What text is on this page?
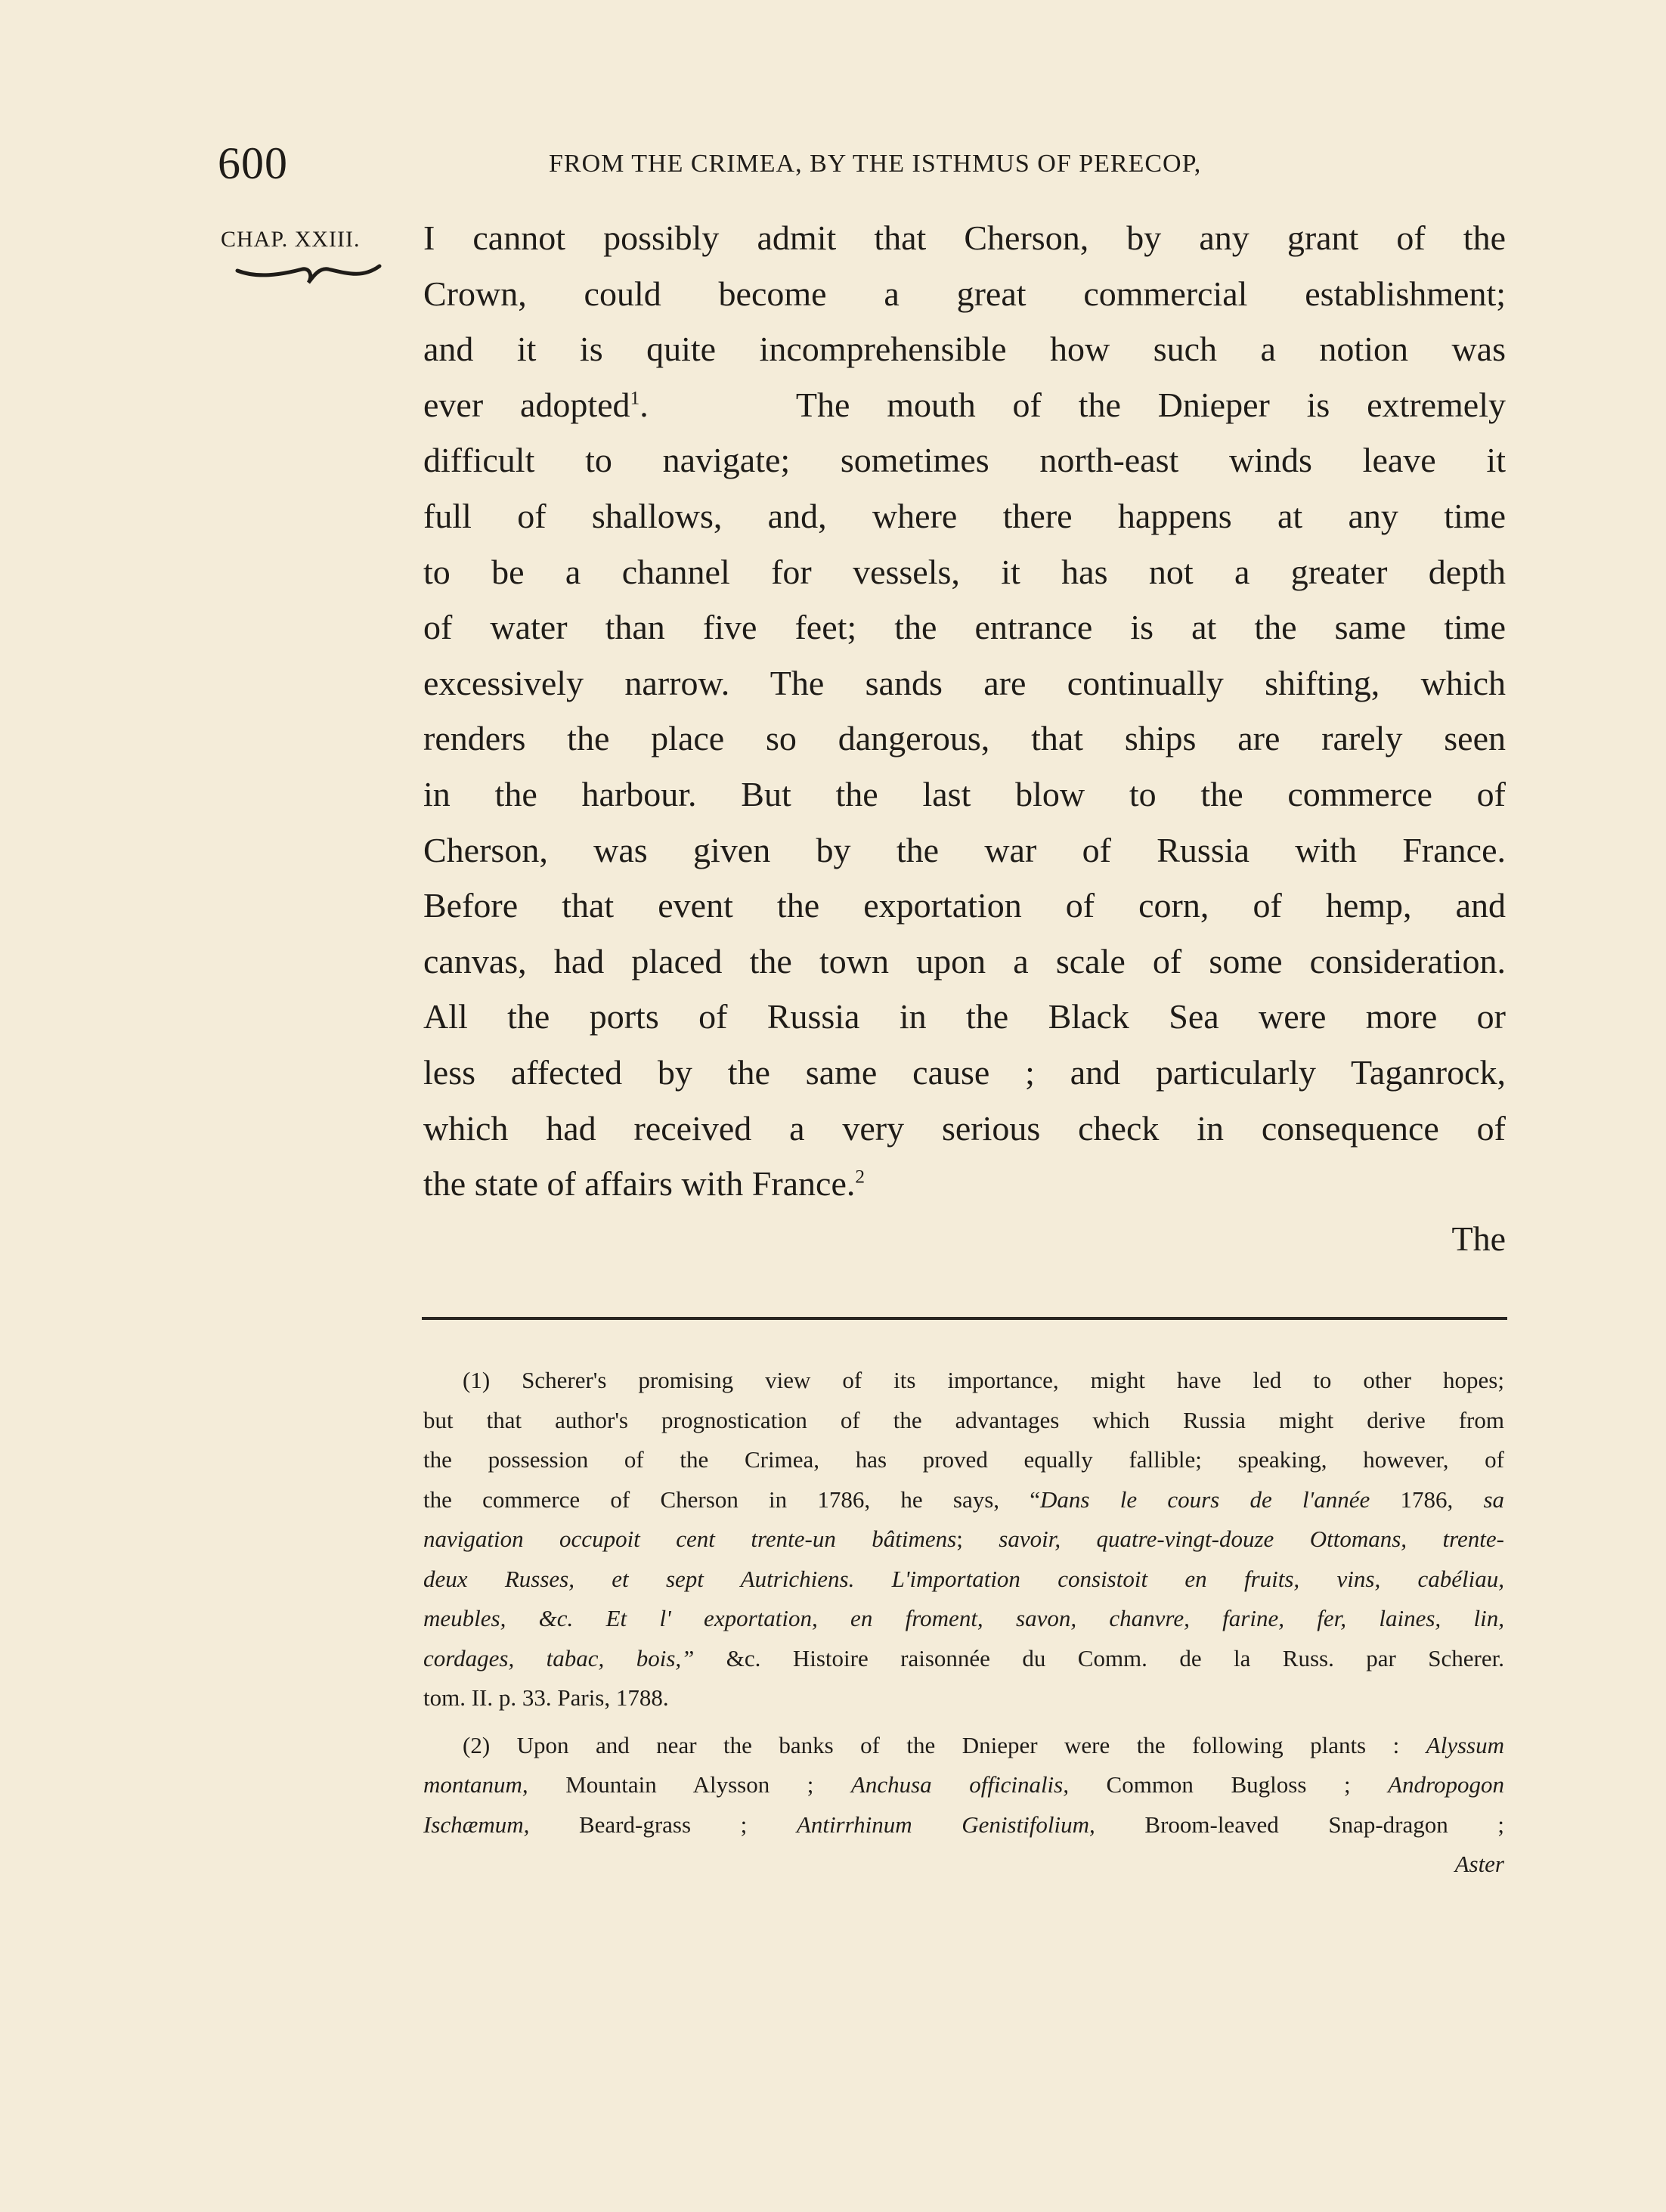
600	FROM THE CRIMEA, BY THE ISTHMUS OF PERECOP,
CHAP. XXIII. I cannot possibly admit that Cherson, by any grant of the
Crown, could become a great commercial establishment;
and it is quite incomprehensible how such a notion was
ever adopted$^1$.    The mouth of the Dnieper is extremely
difficult to navigate; sometimes north-east winds leave it
full of shallows, and, where there happens at any time
to be a channel for vessels, it has not a greater depth
of water than five feet; the entrance is at the same time
excessively narrow. The sands are continually shifting, which
renders the place so dangerous, that ships are rarely seen
in the harbour. But the last blow to the commerce of
Cherson, was given by the war of Russia with France.
Before that event the exportation of corn, of hemp, and
canvas, had placed the town upon a scale of some consideration.
All the ports of Russia in the Black Sea were more or
less affected by the same cause ; and particularly Taganrock,
which had received a very serious check in consequence of
the state of affairs with France.$^2$
The
(1) Scherer's promising view of its importance, might have led to other hopes;
but that author's prognostication of the advantages which Russia might derive from
the possession of the Crimea, has proved equally fallible; speaking, however, of
the commerce of Cherson in 1786, he says, “Dans le cours de l'année 1786, sa
navigation occupoit cent trente-un bâtimens; savoir, quatre-vingt-douze Ottomans, trente-
deux Russes, et sept Autrichiens. L'importation consistoit en fruits, vins, cabéliau,
meubles, &c. Et l' exportation, en froment, savon, chanvre, farine, fer, laines, lin,
cordages, tabac, bois,” &c. Histoire raisonnée du Comm. de la Russ. par Scherer.
tom. II. p. 33. Paris, 1788.
(2) Upon and near the banks of the Dnieper were the following plants : Alyssum
montanum, Mountain Alysson ; Anchusa officinalis, Common Bugloss ; Andropogon
Ischæmum, Beard-grass ; Antirrhinum Genistifolium, Broom-leaved Snap-dragon ;
Aster
